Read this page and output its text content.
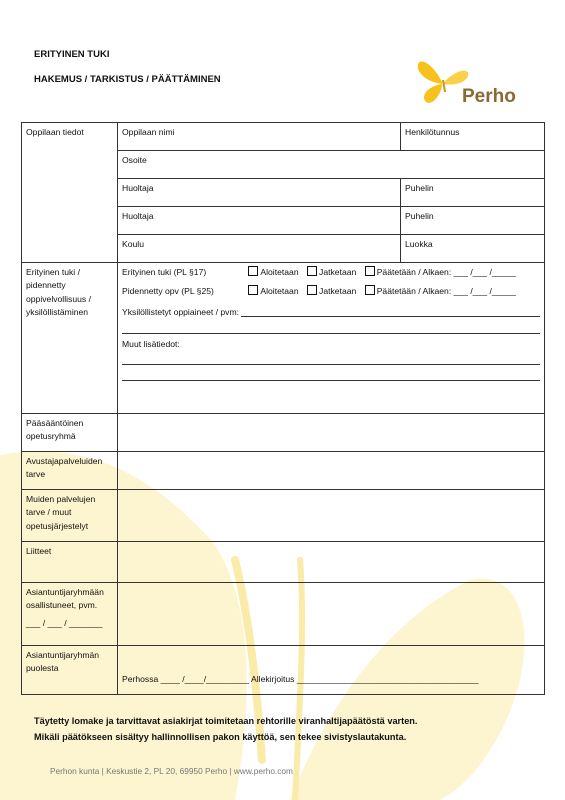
ERITYINEN TUKI
HAKEMUS / TARKISTUS / PÄÄTTÄMINEN
Perho
Oppilaan tiedot	Oppilaan nimi	Henkilötunnus
	Osoite	
	Huoltaja	Puhelin
	Huoltaja	Puhelin
	Koulu	Luokka
Erityinen tuki / pidennetty oppivelvollisuus / yksilöllistäminen	Erityinen tuki (PL §17) Aloitetaan Jatketaan Päätetään / Alkaen: ___ /___ /_____
Pidennetty opv (PL §25) Aloitetaan Jatketaan Päätetään / Alkaen: ___ /___ /_____
Yksilöllistetyt oppiaineet / pvm:
Muut lisätiedot:	

Pääsääntöinen opetusryhmä		
Avustajapalveluiden tarve		
Muiden palvelujen tarve / muut opetusjärjestelyt		
Liitteet		

Asiantuntijaryhmään osallistuneet, pvm.
___ / ___ / _______		

Asiantuntijaryhmän puolesta	Perhossa ____ /____/_________ Allekirjoitus ______________________________________	
Täytetty lomake ja tarvittavat asiakirjat toimitetaan rehtorille viranhaltijapäätöstä varten.
Mikäli päätökseen sisältyy hallinnollisen pakon käyttöä, sen tekee sivistyslautakunta.
Perhon kunta | Keskustie 2, PL 20, 69950 Perho | www.perho.com
